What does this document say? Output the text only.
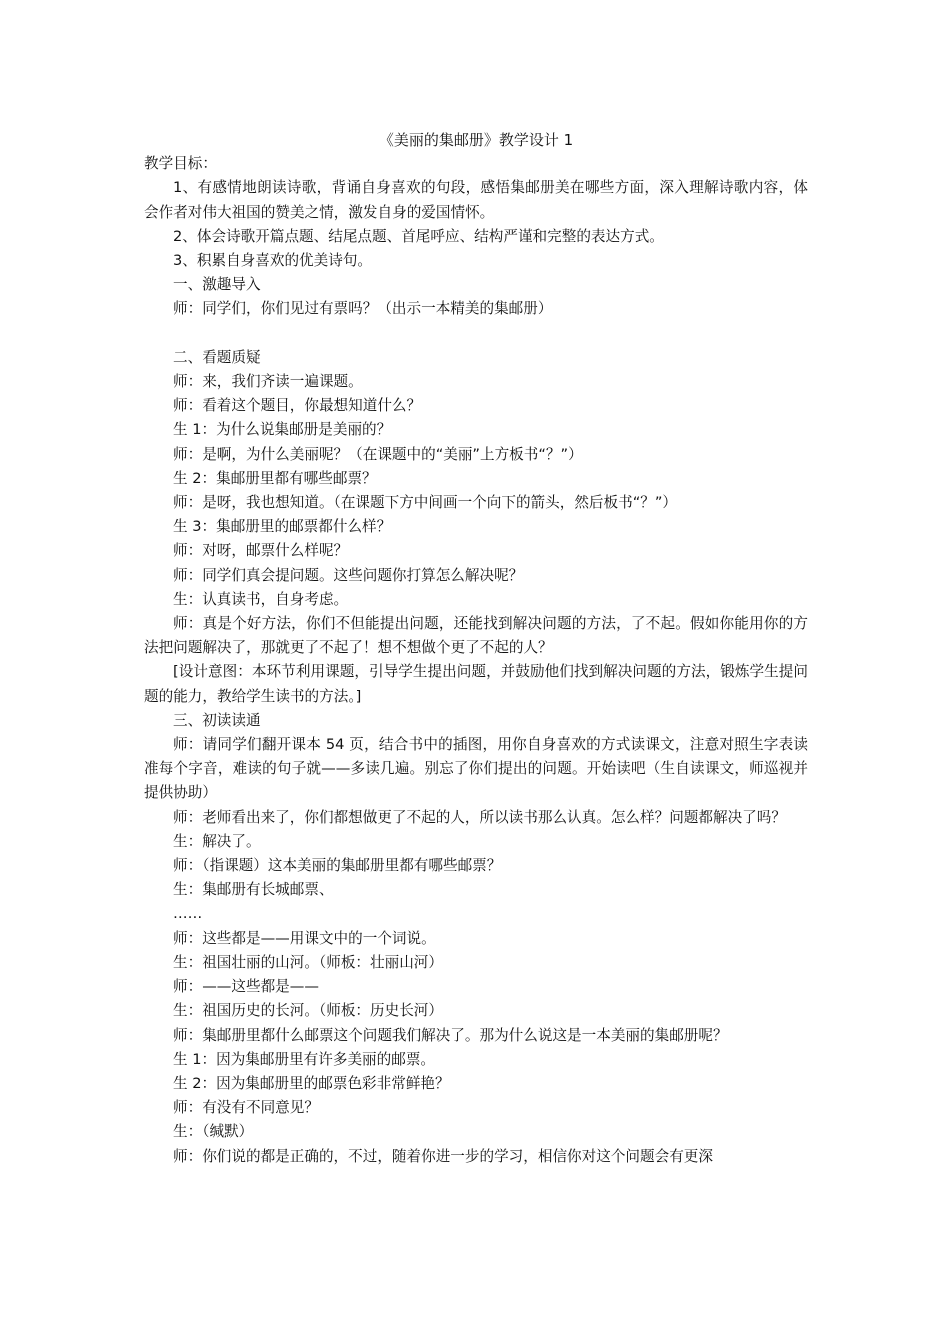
《美丽的集邮册》教学设计 1

教学目标：

1、有感情地朗读诗歌，背诵自身喜欢的句段，感悟集邮册美在哪些方面，深入理解诗歌内容，体会作者对伟大祖国的赞美之情，激发自身的爱国情怀。

2、体会诗歌开篇点题、结尾点题、首尾呼应、结构严谨和完整的表达方式。

3、积累自身喜欢的优美诗句。

一、激趣导入

师：同学们，你们见过有票吗？（出示一本精美的集邮册）

二、看题质疑

师：来，我们齐读一遍课题。

师：看着这个题目，你最想知道什么？

生 1：为什么说集邮册是美丽的？

师：是啊，为什么美丽呢？（在课题中的“美丽”上方板书“？”）

生 2：集邮册里都有哪些邮票？

师：是呀，我也想知道。（在课题下方中间画一个向下的箭头，然后板书“？”）

生 3：集邮册里的邮票都什么样？

师：对呀，邮票什么样呢？

师：同学们真会提问题。这些问题你打算怎么解决呢？

生：认真读书，自身考虑。

师：真是个好方法，你们不但能提出问题，还能找到解决问题的方法，了不起。假如你能用你的方法把问题解决了，那就更了不起了！想不想做个更了不起的人？

[设计意图：本环节利用课题，引导学生提出问题，并鼓励他们找到解决问题的方法，锻炼学生提问题的能力，教给学生读书的方法。]

三、初读读通

师：请同学们翻开课本 54 页，结合书中的插图，用你自身喜欢的方式读课文，注意对照生字表读准每个字音，难读的句子就——多读几遍。别忘了你们提出的问题。开始读吧（生自读课文，师巡视并提供协助）

师：老师看出来了，你们都想做更了不起的人，所以读书那么认真。怎么样？问题都解决了吗？

生：解决了。

师：（指课题）这本美丽的集邮册里都有哪些邮票？

生：集邮册有长城邮票、

……

师：这些都是——用课文中的一个词说。

生：祖国壮丽的山河。（师板：壮丽山河）

师：——这些都是——

生：祖国历史的长河。（师板：历史长河）

师：集邮册里都什么邮票这个问题我们解决了。那为什么说这是一本美丽的集邮册呢？

生 1：因为集邮册里有许多美丽的邮票。

生 2：因为集邮册里的邮票色彩非常鲜艳？

师：有没有不同意见？

生：（缄默）

师：你们说的都是正确的，不过，随着你进一步的学习，相信你对这个问题会有更深
